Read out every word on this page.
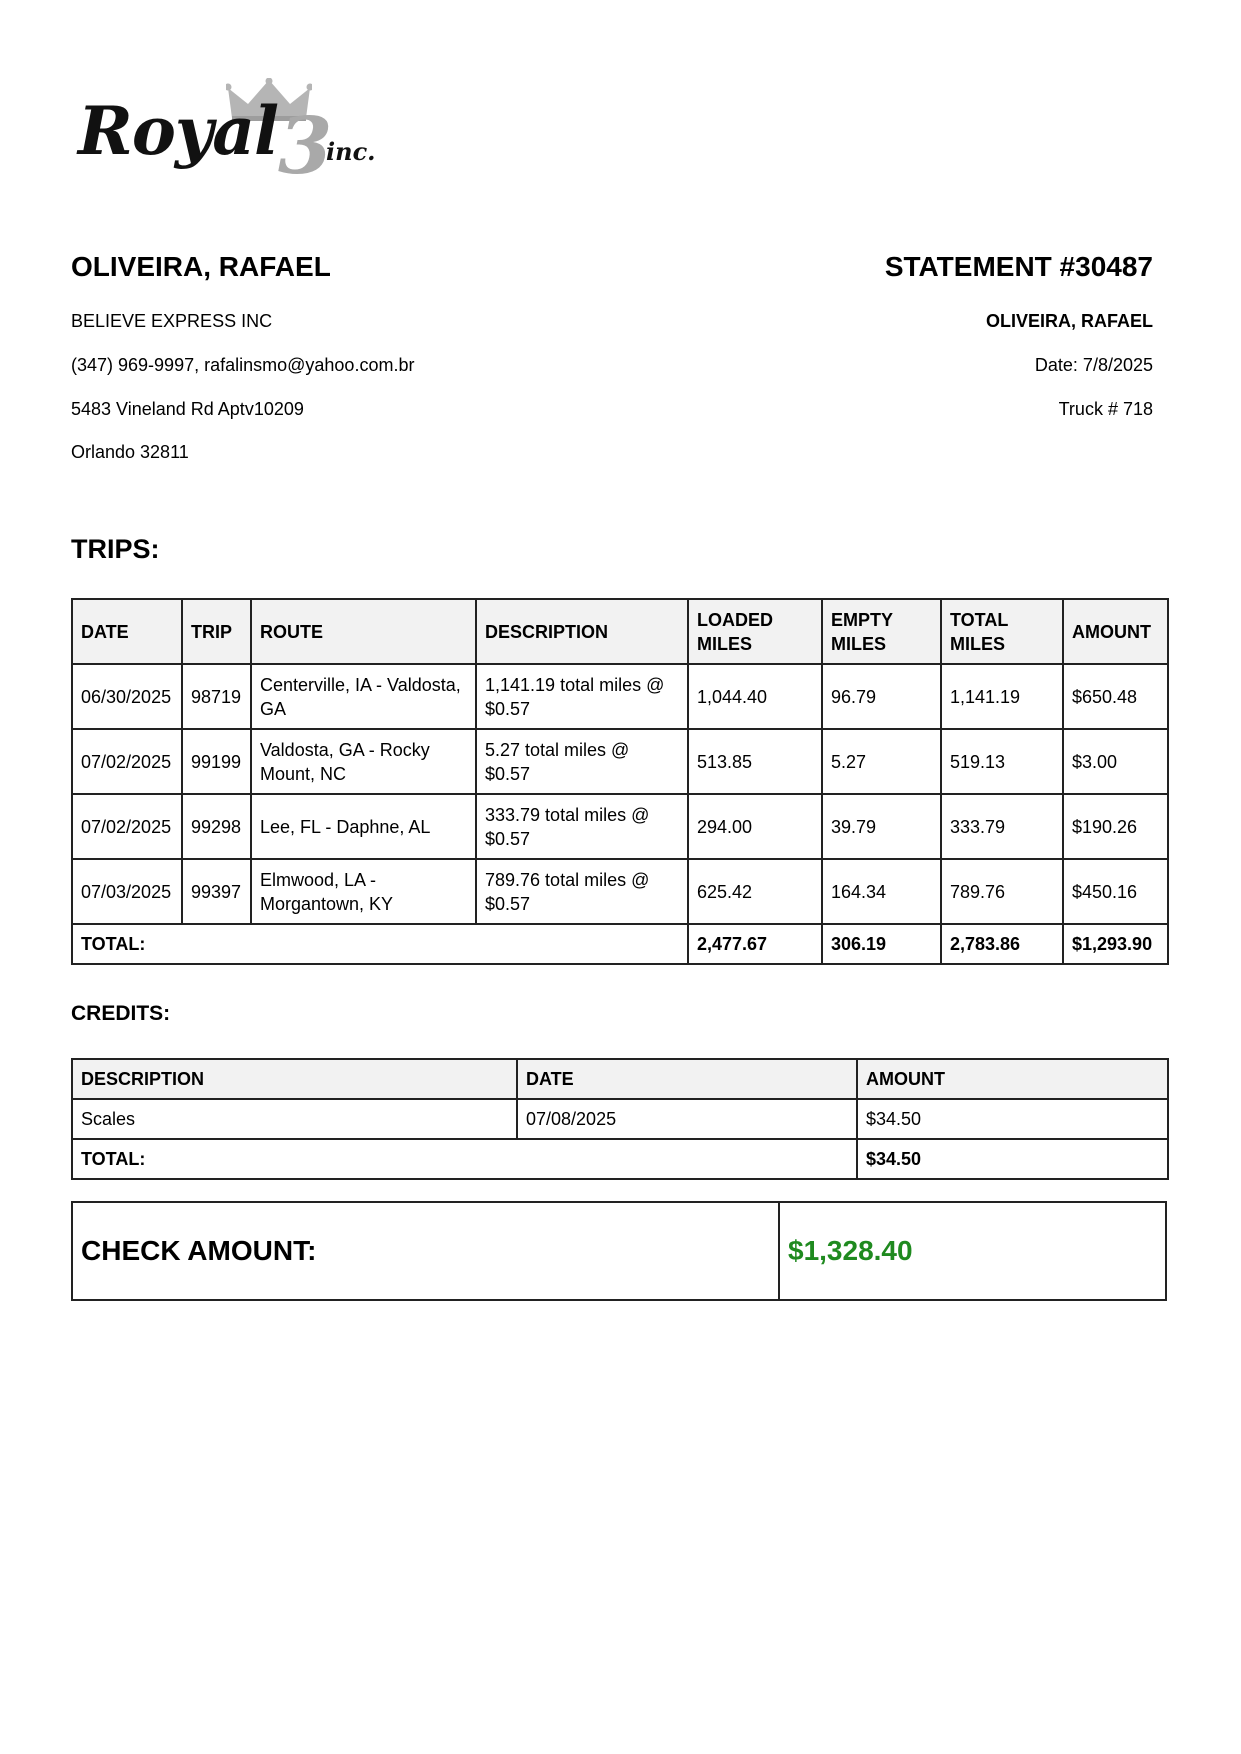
Royal 3
inc.
OLIVEIRA, RAFAEL
BELIEVE EXPRESS INC
(347) 969-9997, rafalinsmo@yahoo.com.br
5483 Vineland Rd Aptv10209
Orlando 32811
STATEMENT #30487
OLIVEIRA, RAFAEL
Date: 7/8/2025
Truck # 718
TRIPS:
DATE	TRIP	ROUTE	DESCRIPTION	LOADED MILES	EMPTY MILES	TOTAL MILES	AMOUNT
06/30/2025	98719	Centerville, IA - Valdosta, GA	1,141.19 total miles @ $0.57	1,044.40	96.79	1,141.19	$650.48
07/02/2025	99199	Valdosta, GA - Rocky Mount, NC	5.27 total miles @ $0.57	513.85	5.27	519.13	$3.00
07/02/2025	99298	Lee, FL - Daphne, AL	333.79 total miles @ $0.57	294.00	39.79	333.79	$190.26
07/03/2025	99397	Elmwood, LA - Morgantown, KY	789.76 total miles @ $0.57	625.42	164.34	789.76	$450.16
TOTAL:				2,477.67	306.19	2,783.86	$1,293.90
CREDITS:
DESCRIPTION	DATE	AMOUNT
Scales	07/08/2025	$34.50
TOTAL:		$34.50
CHECK AMOUNT:	$1,328.40
